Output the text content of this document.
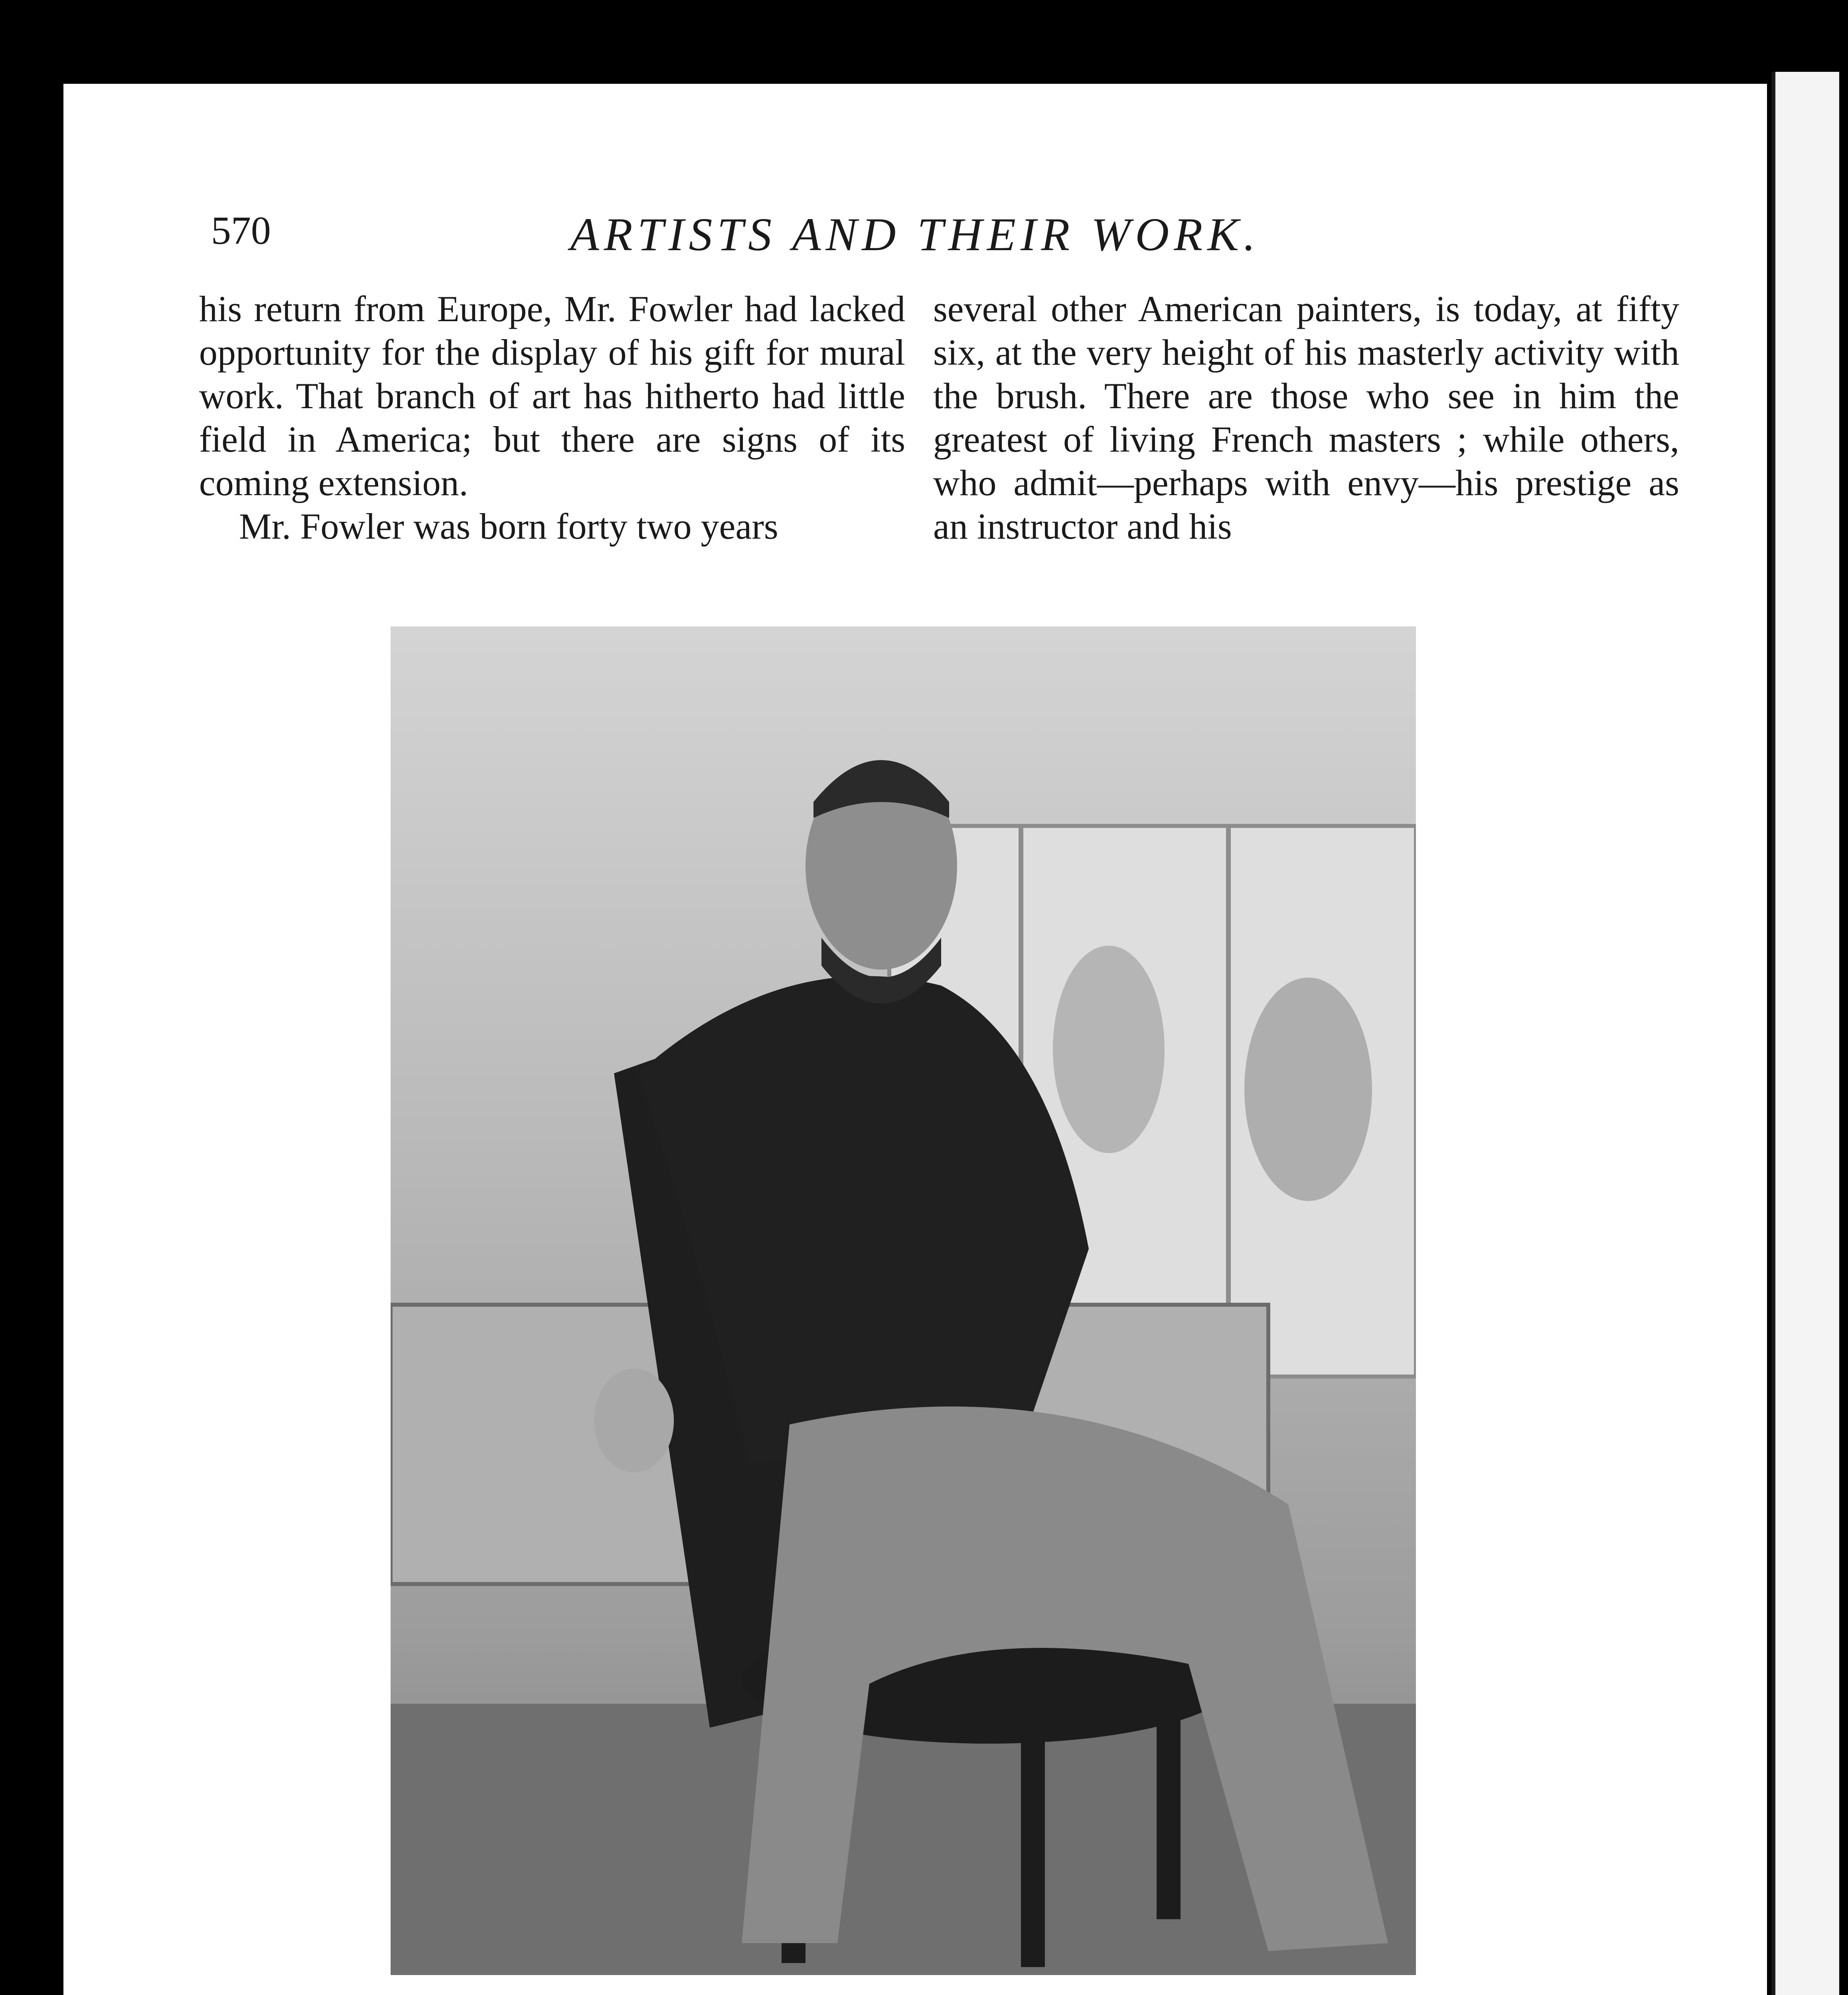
570	ARTISTS AND THEIR WORK.

his return from Europe, Mr. Fowler had lacked opportunity for the display of his gift for mural work. That branch of art has hitherto had little field in America; but there are signs of its coming extension.

Mr. Fowler was born forty two years

several other American painters, is today, at fifty six, at the very height of his masterly activity with the brush. There are those who see in him the greatest of living French masters ; while others, who admit—perhaps with envy—his prestige as an instructor and his
